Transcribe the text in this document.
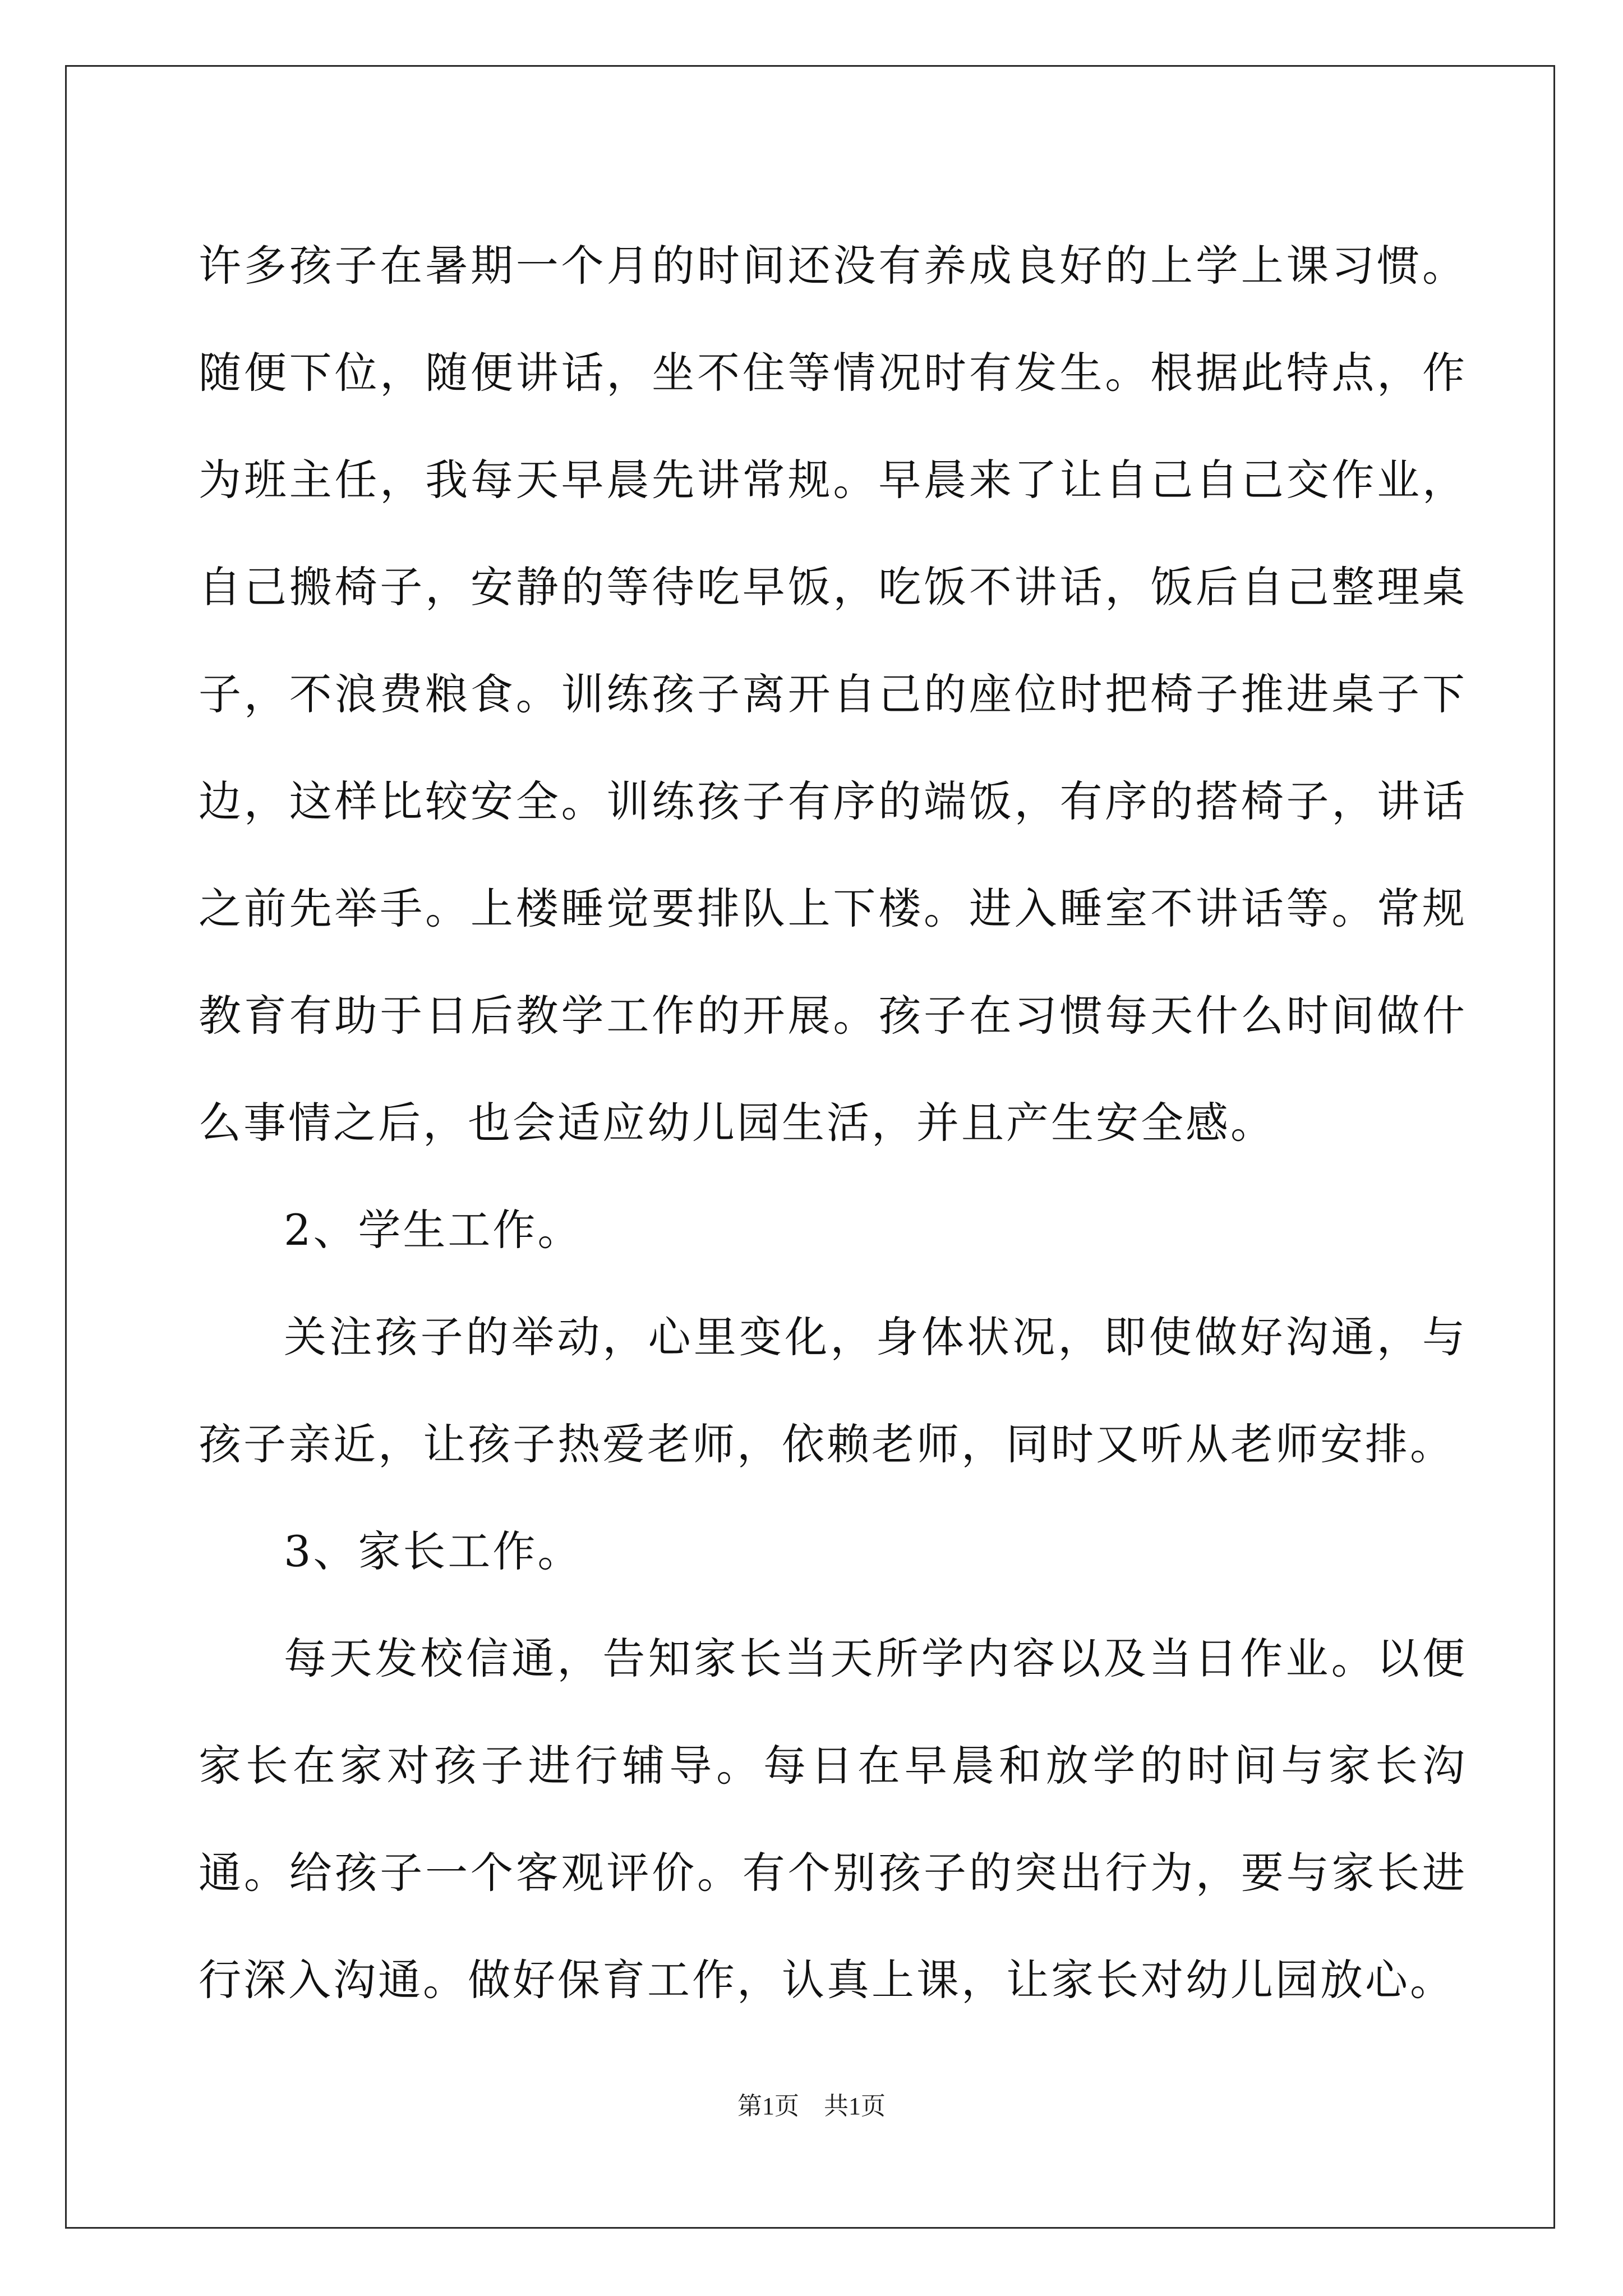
许多孩子在暑期一个月的时间还没有养成良好的上学上课习惯。随便下位，随便讲话，坐不住等情况时有发生。根据此特点，作为班主任，我每天早晨先讲常规。早晨来了让自己自己交作业，自己搬椅子，安静的等待吃早饭，吃饭不讲话，饭后自己整理桌子，不浪费粮食。训练孩子离开自己的座位时把椅子推进桌子下边，这样比较安全。训练孩子有序的端饭，有序的搭椅子，讲话之前先举手。上楼睡觉要排队上下楼。进入睡室不讲话等。常规教育有助于日后教学工作的开展。孩子在习惯每天什么时间做什么事情之后，也会适应幼儿园生活，并且产生安全感。

2、学生工作。

关注孩子的举动，心里变化，身体状况，即使做好沟通，与孩子亲近，让孩子热爱老师，依赖老师，同时又听从老师安排。

3、家长工作。

每天发校信通，告知家长当天所学内容以及当日作业。以便家长在家对孩子进行辅导。每日在早晨和放学的时间与家长沟通。给孩子一个客观评价。有个别孩子的突出行为，要与家长进行深入沟通。做好保育工作，认真上课，让家长对幼儿园放心。

第1页　共1页
